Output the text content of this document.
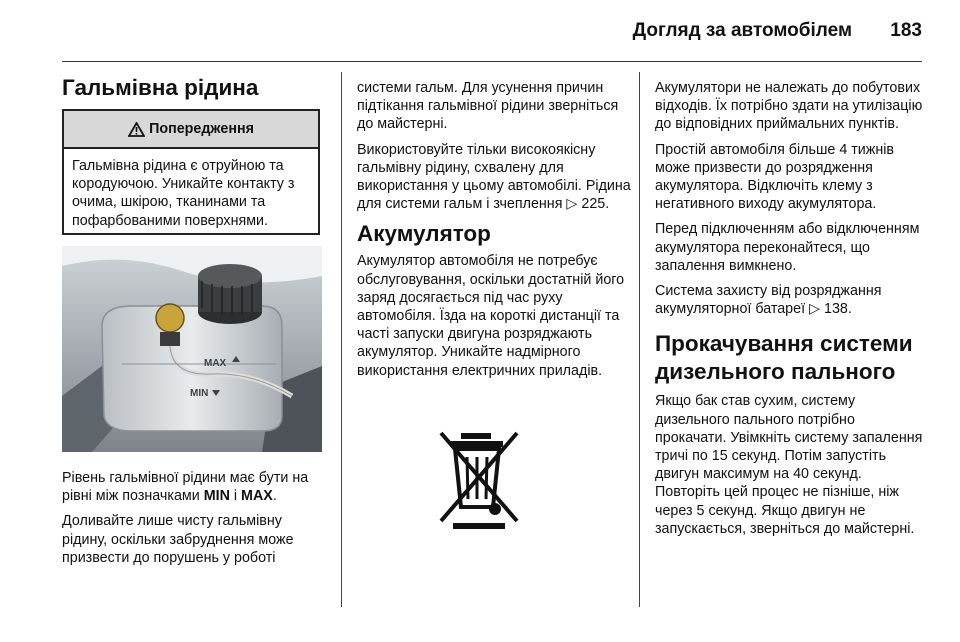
Догляд за автомобілем	183
Гальмівна рідина
Попередження
Гальмівна рідина є отруйною та кородуючою. Уникайте контакту з очима, шкірою, тканинами та пофарбованими поверхнями.
MAX
MIN

Рівень гальмівної рідини має бути на рівні між позначками MIN і MAX.

Доливайте лише чисту гальмівну рідину, оскільки забруднення може призвести до порушень у роботі

системи гальм. Для усунення причин підтікання гальмівної рідини зверніться до майстерні.

Використовуйте тільки високоякісну гальмівну рідину, схвалену для використання у цьому автомобілі. Рідина для системи гальм і зчеплення ▷ 225.

Акумулятор

Акумулятор автомобіля не потребує обслуговування, оскільки достатній його заряд досягається під час руху автомобіля. Їзда на короткі дистанції та часті запуски двигуна розряджають акумулятор. Уникайте надмірного використання електричних приладів.

Акумулятори не належать до побутових відходів. Їх потрібно здати на утилізацію до відповідних приймальних пунктів.

Простій автомобіля більше 4 тижнів може призвести до розрядження акумулятора. Відключіть клему з негативного виходу акумулятора.

Перед підключенням або відключенням акумулятора переконайтеся, що запалення вимкнено.

Система захисту від розряджання акумуляторної батареї ▷ 138.

Прокачування системи дизельного пального

Якщо бак став сухим, систему дизельного пального потрібно прокачати. Увімкніть систему запалення тричі по 15 секунд. Потім запустіть двигун максимум на 40 секунд. Повторіть цей процес не пізніше, ніж через 5 секунд. Якщо двигун не запускається, зверніться до майстерні.
